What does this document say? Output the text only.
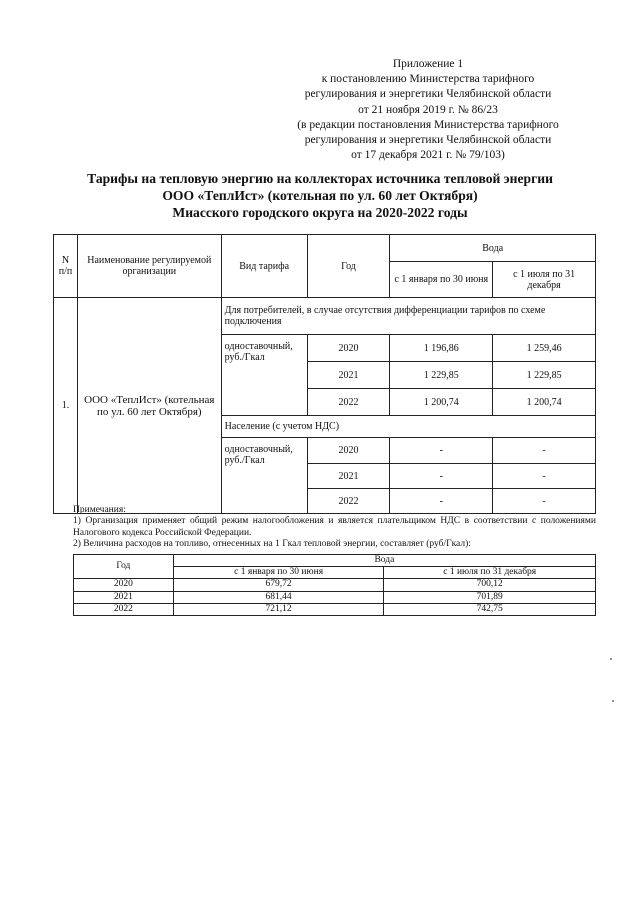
Приложение 1
к постановлению Министерства тарифного
регулирования и энергетики Челябинской области
от 21 ноября 2019 г. № 86/23
(в редакции постановления Министерства тарифного
регулирования и энергетики Челябинской области
от 17 декабря 2021 г. № 79/103)
Тарифы на тепловую энергию на коллекторах источника тепловой энергии
ООО «ТеплИст» (котельная по ул. 60 лет Октября)
Миасского городского округа на 2020-2022 годы
N п/п	Наименование регулируемой организации	Вид тарифа	Год	Вода	
				с 1 января по 30 июня	с 1 июля по 31 декабря
1.	ООО «ТеплИст» (котельная по ул. 60 лет Октября)	Для потребителей, в случае отсутствия дифференциации тарифов по схеме подключения			
		одноставочный, руб./Гкал	2020	1 196,86	1 259,46
			2021	1 229,85	1 229,85
			2022	1 200,74	1 200,74
		Население (с учетом НДС)			
		одноставочный, руб./Гкал	2020	-	-
			2021	-	-
			2022	-	-

Примечания:

1) Организация применяет общий режим налогообложения и является плательщиком НДС в соответствии с положениями Налогового кодекса Российской Федерации.

2) Величина расходов на топливо, отнесенных на 1 Гкал тепловой энергии, составляет (руб/Гкал):

Год	Вода	
	с 1 января по 30 июня	с 1 июля по 31 декабря
2020	679,72	700,12
2021	681,44	701,89
2022	721,12	742,75
